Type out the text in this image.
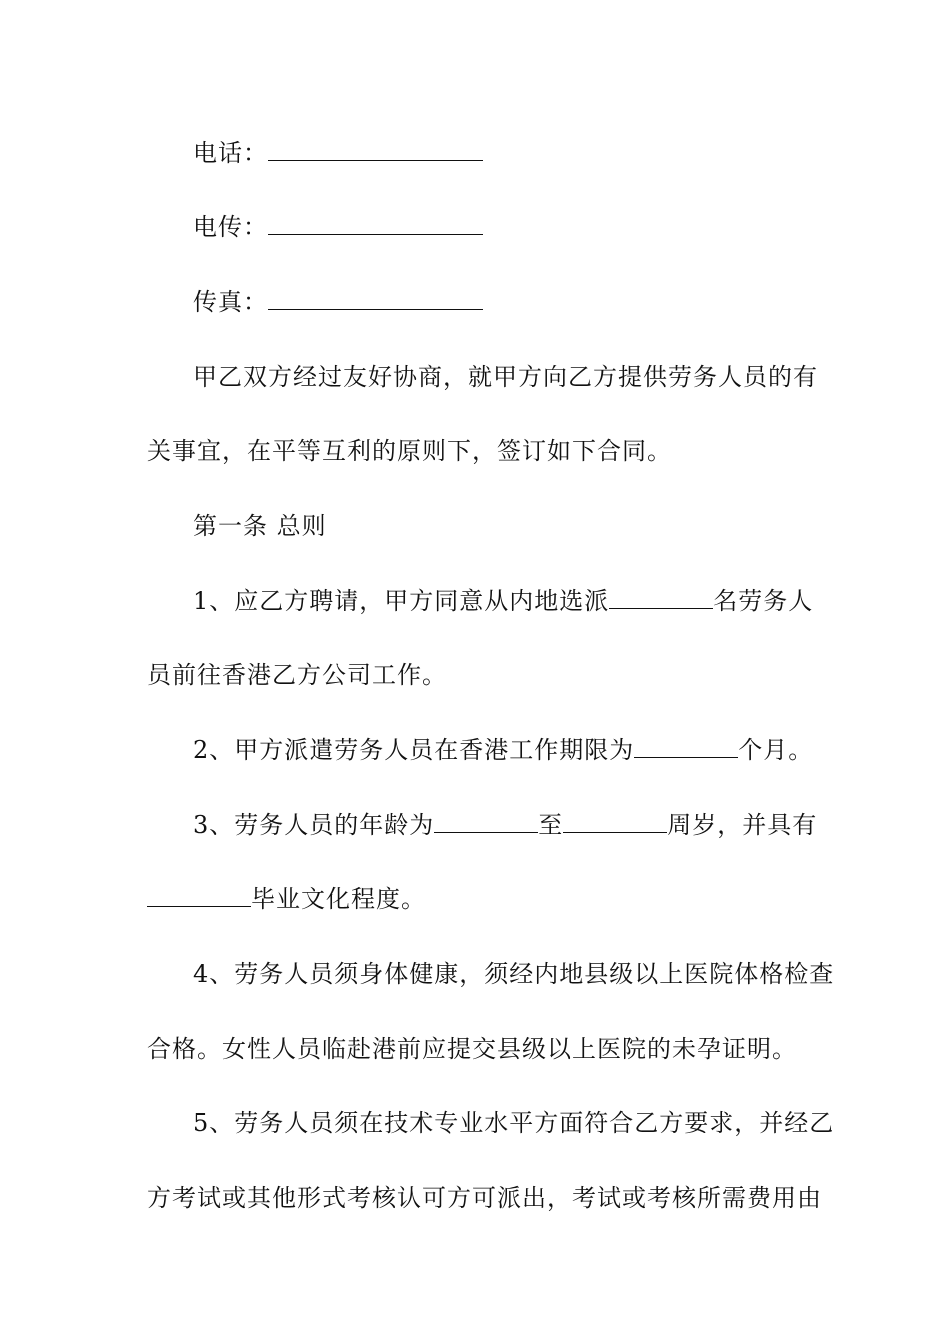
电话：
电传：
传真：
甲乙双方经过友好协商，就甲方向乙方提供劳务人员的有
关事宜，在平等互利的原则下，签订如下合同。
第一条 总则
1、应乙方聘请，甲方同意从内地选派	名劳务人
员前往香港乙方公司工作。
2、甲方派遣劳务人员在香港工作期限为	个月。
3、劳务人员的年龄为	至	周岁，并具有
毕业文化程度。
4、劳务人员须身体健康，须经内地县级以上医院体格检查
合格。女性人员临赴港前应提交县级以上医院的未孕证明。
5、劳务人员须在技术专业水平方面符合乙方要求，并经乙
方考试或其他形式考核认可方可派出，考试或考核所需费用由
